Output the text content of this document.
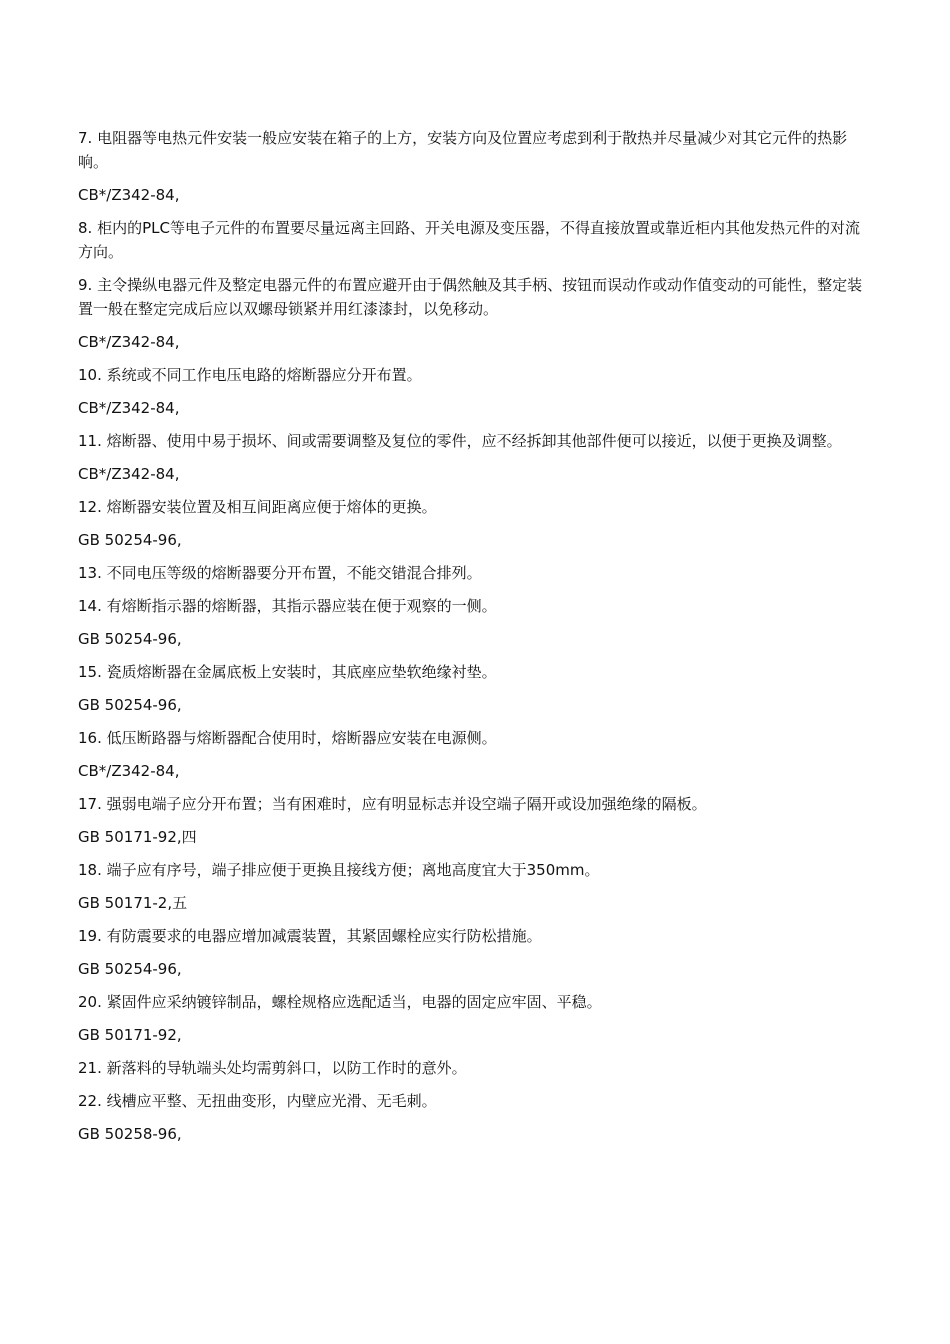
7. 电阻器等电热元件安装一般应安装在箱子的上方，安装方向及位置应考虑到利于散热并尽量减少对其它元件的热影响。

CB*/Z342-84,

8. 柜内的PLC等电子元件的布置要尽量远离主回路、开关电源及变压器，不得直接放置或靠近柜内其他发热元件的对流方向。

9. 主令操纵电器元件及整定电器元件的布置应避开由于偶然触及其手柄、按钮而误动作或动作值变动的可能性，整定装置一般在整定完成后应以双螺母锁紧并用红漆漆封，以免移动。

CB*/Z342-84,

10. 系统或不同工作电压电路的熔断器应分开布置。

CB*/Z342-84,

11. 熔断器、使用中易于损坏、间或需要调整及复位的零件，应不经拆卸其他部件便可以接近，以便于更换及调整。

CB*/Z342-84,

12. 熔断器安装位置及相互间距离应便于熔体的更换。

GB 50254-96,

13. 不同电压等级的熔断器要分开布置，不能交错混合排列。

14. 有熔断指示器的熔断器，其指示器应装在便于观察的一侧。

GB 50254-96,

15. 瓷质熔断器在金属底板上安装时，其底座应垫软绝缘衬垫。

GB 50254-96,

16. 低压断路器与熔断器配合使用时，熔断器应安装在电源侧。

CB*/Z342-84,

17. 强弱电端子应分开布置；当有困难时，应有明显标志并设空端子隔开或设加强绝缘的隔板。

GB 50171-92,四

18. 端子应有序号，端子排应便于更换且接线方便；离地高度宜大于350mm。

GB 50171-2,五

19. 有防震要求的电器应增加减震装置，其紧固螺栓应实行防松措施。

GB 50254-96,

20. 紧固件应采纳镀锌制品，螺栓规格应选配适当，电器的固定应牢固、平稳。

GB 50171-92,

21. 新落料的导轨端头处均需剪斜口，以防工作时的意外。

22. 线槽应平整、无扭曲变形，内壁应光滑、无毛刺。

GB 50258-96,
